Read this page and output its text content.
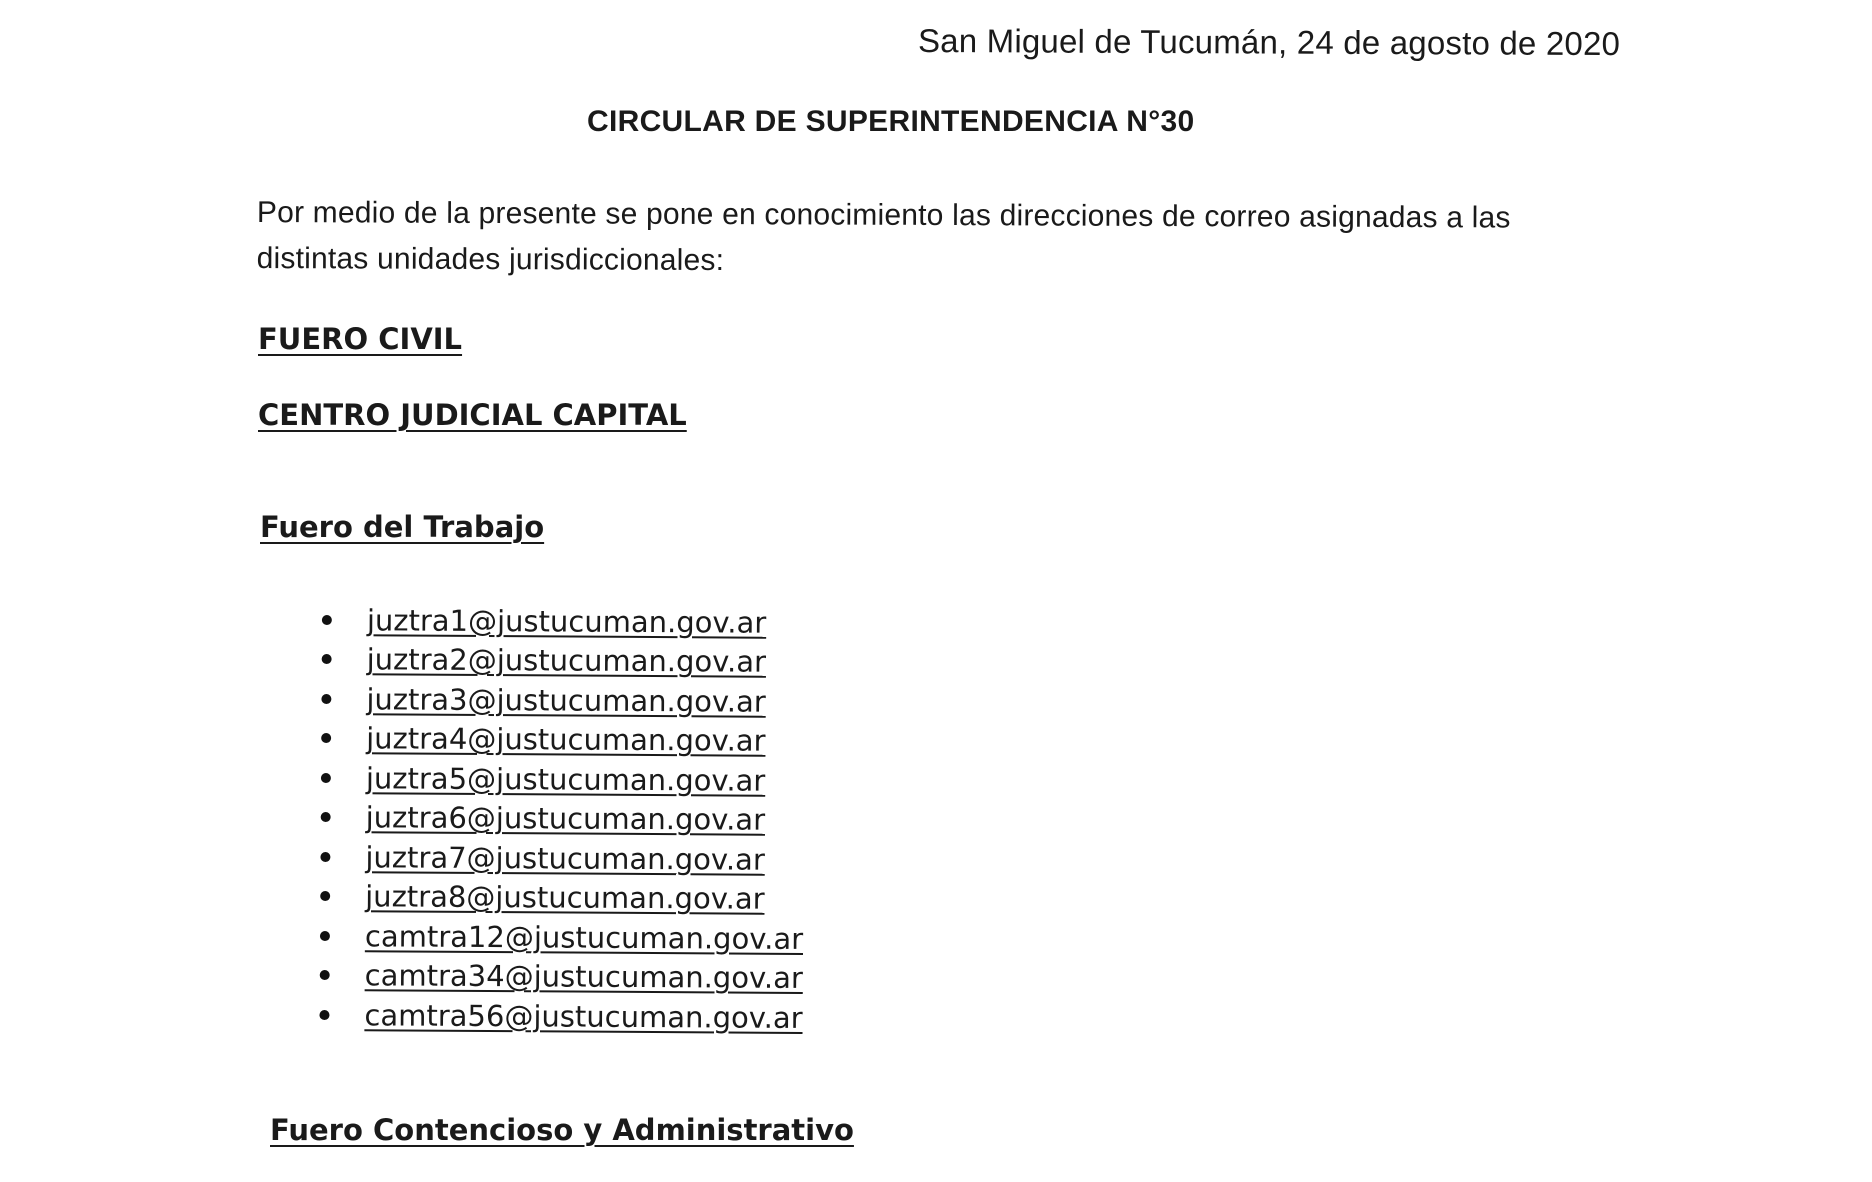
San Miguel de Tucumán, 24 de agosto de 2020
CIRCULAR DE SUPERINTENDENCIA N°30
Por medio de la presente se pone en conocimiento las direcciones de correo asignadas a las distintas unidades jurisdiccionales:
FUERO CIVIL
CENTRO JUDICIAL CAPITAL
Fuero del Trabajo
juztra1@justucuman.gov.ar
juztra2@justucuman.gov.ar
juztra3@justucuman.gov.ar
juztra4@justucuman.gov.ar
juztra5@justucuman.gov.ar
juztra6@justucuman.gov.ar
juztra7@justucuman.gov.ar
juztra8@justucuman.gov.ar
camtra12@justucuman.gov.ar
camtra34@justucuman.gov.ar
camtra56@justucuman.gov.ar
Fuero Contencioso y Administrativo
